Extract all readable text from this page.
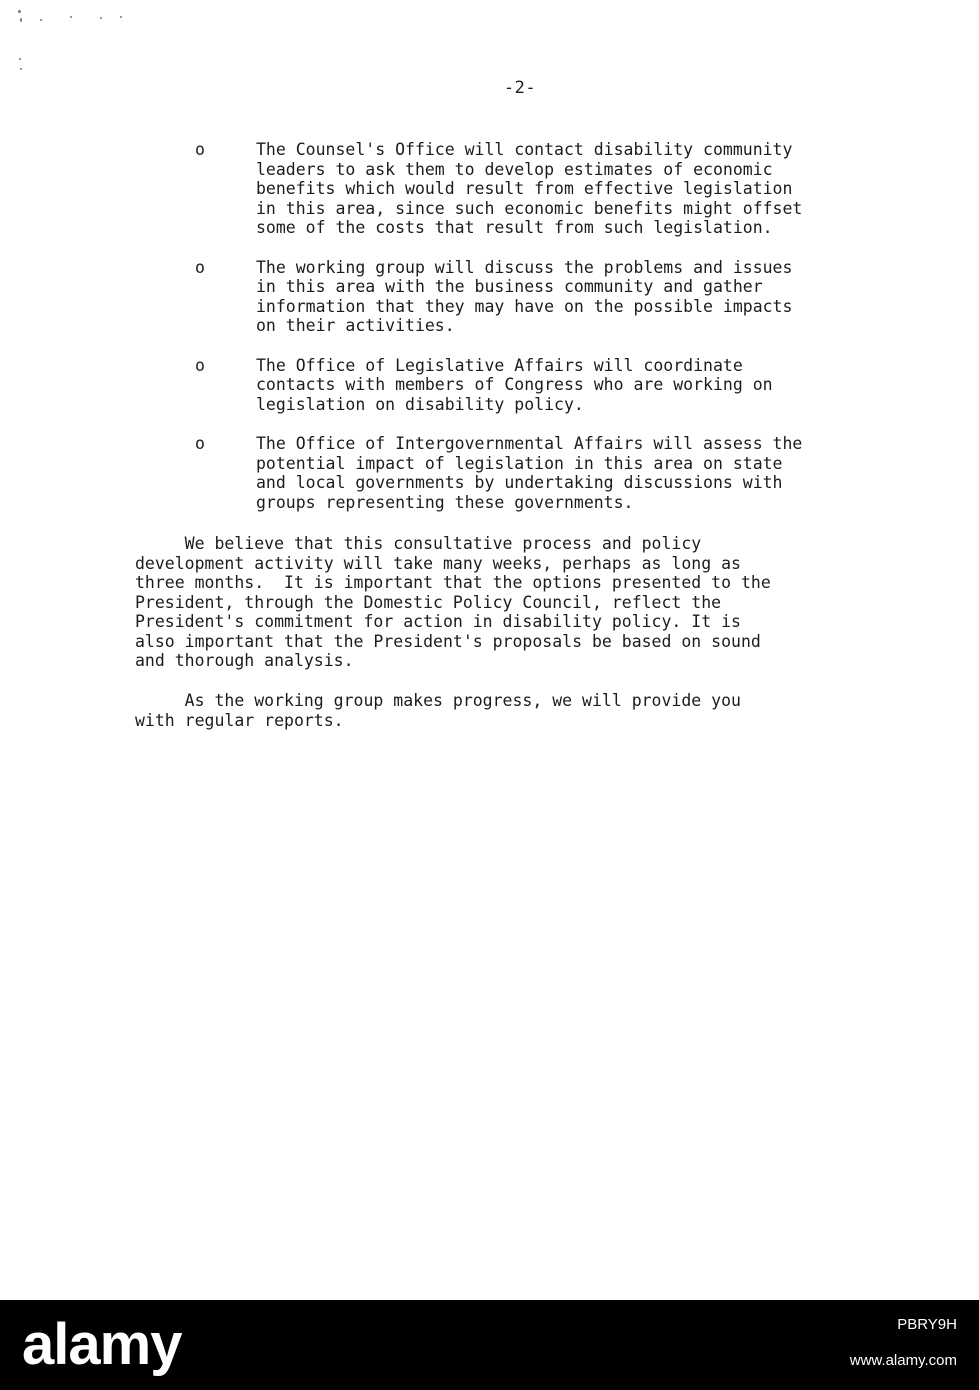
-2-
o	The Counsel's Office will contact disability community
leaders to ask them to develop estimates of economic
benefits which would result from effective legislation
in this area, since such economic benefits might offset
some of the costs that result from such legislation.

o	The working group will discuss the problems and issues
in this area with the business community and gather
information that they may have on the possible impacts
on their activities.

o	The Office of Legislative Affairs will coordinate
contacts with members of Congress who are working on
legislation on disability policy.

o	The Office of Intergovernmental Affairs will assess the
potential impact of legislation in this area on state
and local governments by undertaking discussions with
groups representing these governments.

We believe that this consultative process and policy
development activity will take many weeks, perhaps as long as
three months.  It is important that the options presented to the
President, through the Domestic Policy Council, reflect the
President's commitment for action in disability policy. It is
also important that the President's proposals be based on sound
and thorough analysis.

As the working group makes progress, we will provide you
with regular reports.

alamy	PBRY9H
www.alamy.com
